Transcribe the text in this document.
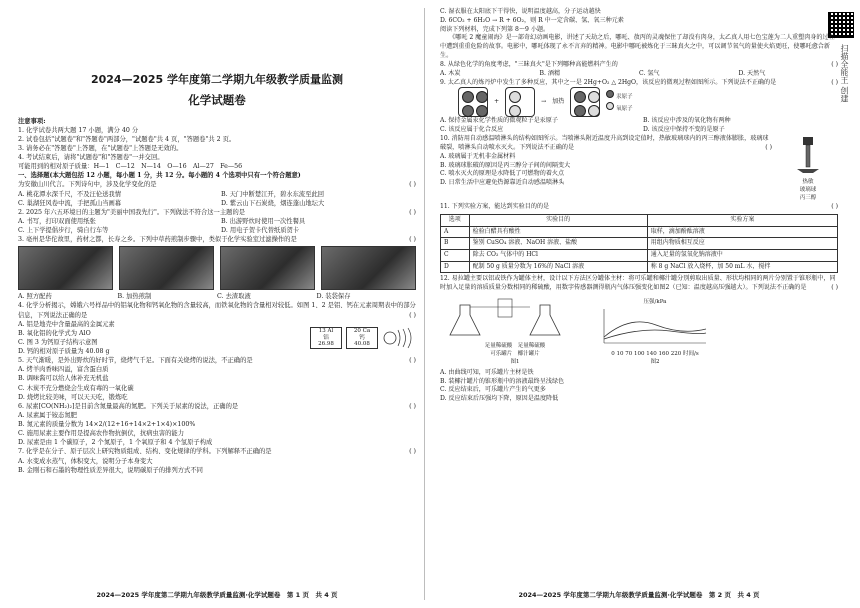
扫描全能王 创建
2024—2025 学年度第二学期九年级教学质量监测
化学试题卷
注意事项:
1. 化学试卷共两大题 17 小题，满分 40 分
2. 试卷包括"试题卷"和"答题卷"两部分，"试题卷"共 4 页，"答题卷"共 2 页。
3. 请务必在"答题卷"上答题，在"试题卷"上答题是无效的。
4. 考试结束后，请将"试题卷"和"答题卷"一并交回。
可能用到的相对原子质量：H—1　C—12　N—14　O—16　Al—27　Fe—56
一、选择题(本大题包括 12 小题，每小题 1 分，共 12 分。每小题的 4 个选项中只有一个符合题意)
为安徽山川代言。下列诗句中，涉及化学变化的是	( )
A. 桃花潭水深千尺，不及汪伦送我情	B. 天门中断楚江开，碧水东流至此回
C. 巢湖狂风卷中流，手把孤山当画幕	D. 紫云山下石炭烧，烟连蓬山地坛大
2. 2025 年六五环境日的主题为"美丽中国我先行"。下列做法不符合这一主题的是	( )
A. 书写，打印双面使用纸张	B. 出游野炊时使用一次性餐具
C. 上下学提倡步行，骑自行车等	D. 用电子贺卡代替纸质贺卡
3. 亳州是华佗故里，药材之都，长寿之乡。下列中草药煎制步骤中，类似于化学实验室过滤操作的是	( )
A. 照方配药	B. 加热煎制	C. 去渣取液	D. 装袋保存
4. 化学分析揭示，嫦娥六号样品中的铝氧化物和钙氧化物的含量较高，而铁氧化物的含量相对较低。如图 1、2 是铝、钙在元素周期表中的部分信息，下列说法正确的是	( )
A. 铝是地壳中含量最高的金属元素
B. 氧化铝的化学式为 AlO
C. 图 3 为钙原子结构示意图
D. 钙的相对原子质量为 40.08 g
13 Al
铝
26.98
20 Ca
钙
40.08
5. 天气渐暖，是外出野炊的好时节，烧烤气千足。下面有关烧烤的说法，不正确的是	( )
A. 烤羊肉香味四溢，富含蛋白质
B. 调味酱可以给人体补充无机盐
C. 木炭不充分燃烧会生成有毒的一氧化碳
D. 烧烤比较美味，可以天天吃，锻炼吃
6. 尿素[CO(NH₂)₂]是目前含氮量最高的氮肥。下列关于尿素的说法，正确的是	( )
A. 尿素属于铵态氮肥
B. 氮元素的质量分数为 14×2/(12+16+14×2+1×4)×100%
C. 施用尿素主要作用是提高农作物抗倒伏，抗病虫害的能力
D. 尿素是由 1 个碳原子，2 个氮原子，1 个氧原子和 4 个氢原子构成
7. 化学是在分子、原子层次上研究物质组成、结构、变化规律的学科。下列解释不正确的是	( )
A. 水变成水蒸气，体积变大，说明分子本身变大
B. 金刚石和石墨的物理性质差异很大，说明碳原子的排列方式不同
2024—2025 学年度第二学期九年级教学质量监测·化学试题卷　第 1 页　共 4 页
C. 湿衣服在太阳底下干得快，说明温度越高，分子运动越快
D. 6CO₂ + 6H₂O → R + 6O₂，则 R 中一定含碳、氢、氧三种元素
阅读下列材料，完成下列第 8～9 小题。
《哪吒 2 魔童闹海》是一部奇幻动画电影，讲述了天劫之后，哪吒、敖丙的灵魂保住了却没有肉身，太乙真人用七色宝莲为二人重塑肉身的过程中遭到重重危险的故事。电影中，哪吒体现了永不言弃的精神。电影中哪吒被炼化于三昧真火之中，可以调节氧气的量使火焰更旺，使哪吒愈合新生。
8. 从绿色化学的角度考虑，"三昧真火"是下列哪种高能燃料产生的	( )
A. 木炭	B. 酒精	C. 氢气	D. 天然气
9. 太乙真人的炼丹炉中发生了多种反应，其中之一是 2Hg+O₂ △ 2HgO，该反应的微观过程如图所示。下列说法不正确的是	( )
+	→ 加热
汞原子
氧原子
A. 保持金属汞化学性质的微观粒子是汞原子	B. 该反应中涉及的氧化物有两种
C. 该反应属于化合反应	D. 该反应中保持不变的是原子
10. 消防用自动感温喷淋头的结构如图所示。当喷淋头附近温度升高到设定值时，热敏玻璃球内的丙三醇液体膨胀，玻璃球破裂，喷淋头自动喷水灭火。下列说法不正确的是	( )
A. 玻璃属于无机非金属材料
B. 玻璃球胀破的原因是丙三醇分子间的间隔变大
C. 喷水灭火的原理是水降低了可燃物的着火点
D. 日常生活中应避免热源靠近自动感温喷淋头	热敏
玻璃球
丙三醇
11. 下列实验方案，能达到实验目的的是	( )
选项	实验目的	实验方案
A	检验白醋具有酸性	取样，滴加酚酞溶液
B	鉴别 CuSO₄ 溶液、NaOH 溶液、盐酸	用组内物质相互反应
C	除去 CO₂ 气体中的 HCl	通入足量的氢氧化钠溶液中
D	配制 50 g 质量分数为 16%的 NaCl 溶液	称 8 g NaCl 放入烧杯，加 50 mL 水，搅拌
12. 易拉罐主要以铝或铁作为罐体主材，设计以下方法区分罐体主材：将可乐罐和椰汁罐分别剪取出质量、形状均相同的两片分别置于锥形瓶中，同时加入足量的溶质质量分数相同的稀硫酸，用数字传感器测得瓶内气体压强变化如图2（已知：温度越高压强越大）。下列说法不正确的是	( )
足量稀硫酸　 足量稀硫酸
可乐罐片　 椰汁罐片
图1
压强/kPa
0 10 70 100 140 160 220 时间/s
图2
A. 由曲线可知，可乐罐片主材是铁
B. 装椰汁罐片的锥形瓶中的溶液最终呈浅绿色
C. 反应结束后，可乐罐片产生的气更多
D. 反应结束后压强均下降，原因是温度降低
2024—2025 学年度第二学期九年级教学质量监测·化学试题卷　第 2 页　共 4 页
